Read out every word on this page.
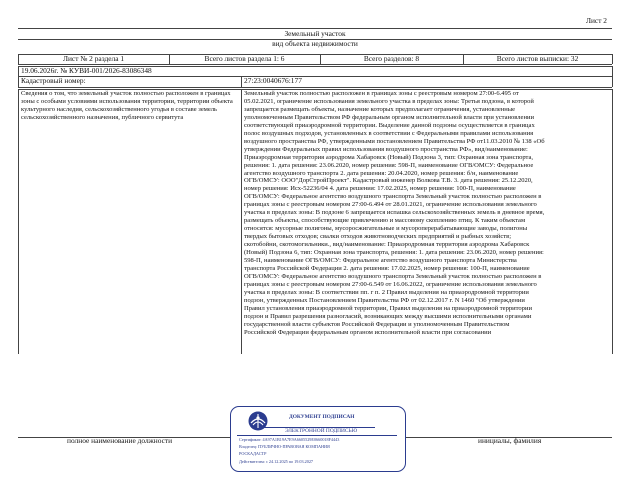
Лист 2
Земельный участок
вид объекта недвижимости
Лист № 2 раздела 1	Всего листов раздела 1: 6	Всего разделов: 8	Всего листов выписки: 32
19.06.2026г. № КУВИ-001/2026-83086348
Кадастровый номер:	27:23:0040676:177
Сведения о том, что земельный участок полностью расположен в границах зоны с особыми условиями использования территории, территории объекта культурного наследия, сельскохозяйственного угодья в составе земель сельскохозяйственного назначения, публичного сервитута
Земельный участок полностью расположен в границах зоны с реестровым номером 27:00-6.495 от
05.02.2021, ограничение использования земельного участка в пределах зоны: Третья подзона, в которой
запрещается размещать объекты, назначение которых предполагает ограничения, установленные
уполномоченным Правительством РФ федеральным органом исполнительной власти при установлении
соответствующей приаэродромной территории. Выделение данной подзоны осуществляется в границах
полос воздушных подходов, установленных в соответствии с Федеральными правилами использования
воздушного пространства РФ, утвержденными постановлением Правительства РФ от11.03.2010 № 138 «Об
утверждении Федеральных правил использования воздушного пространства РФ», вид/наименование:
Приаэродромная территория аэродрома Хабаровск (Новый) Подзона 3, тип: Охранная зона транспорта,
решения: 1. дата решения: 23.06.2020, номер решения: 598-П, наименование ОГВ/ОМСУ: Федеральное
агентство воздушного транспорта 2. дата решения: 20.04.2020, номер решения: б/н, наименование
ОГВ/ОМСУ: ООО"ДорСтройПроект". Кадастровый инженер Волкова Т.В. 3. дата решения: 25.12.2020,
номер решения: Исх-52236/04 4. дата решения: 17.02.2025, номер решения: 100-П, наименование
ОГВ/ОМСУ: Федеральное агентство воздушного транспорта Земельный участок полностью расположен в
границах зоны с реестровым номером 27:00-6.494 от 28.01.2021, ограничение использования земельного
участка в пределах зоны: В подзоне 6 запрещается испашка сельскохозяйственных земель в дневное время,
размещать объекты, способствующие привлечению и массовому скоплению птиц. К таким объектам
относятся: мусорные полигоны, мусоросжигательные и мусороперерабатывающие заводы, полигоны
твердых бытовых отходов; свалки отходов животноводческих предприятий и рыбных хозяйств;
скотобойни, скотомогильники., вид/наименование: Приаэродромная территория аэродрома Хабаровск
(Новый) Подзона 6, тип: Охранная зона транспорта, решения: 1. дата решения: 23.06.2020, номер решения:
598-П, наименование ОГВ/ОМСУ: Федеральное агентство воздушного транспорта Министерства
транспорта Российской Федерации 2. дата решения: 17.02.2025, номер решения: 100-П, наименование
ОГВ/ОМСУ: Федеральное агентство воздушного транспорта Земельный участок полностью расположен в
границах зоны с реестровым номером 27:00-6.549 от 16.06.2022, ограничение использования земельного
участка в пределах зоны: В соответствии пп. г п. 2 Правил выделения на приаэродромной территории
подзон, утвержденных Постановлением Правительства РФ от 02.12.2017 г. N 1460 "Об утверждении
Правил установления приаэродромной территории, Правил выделения на приаэродромной территории
подзон и Правил разрешения разногласий, возникающих между высшими исполнительными органами
государственной власти субъектов Российской Федерации и уполномоченным Правительством
Российской Федерации федеральным органом исполнительной власти при согласовании
полное наименование должности	инициалы, фамилия
ДОКУМЕНТ ПОДПИСАН
ЭЛЕКТРОННОЙ ПОДПИСЬЮ
Сертификат: 4A97A1B19A7E9A6605529E0660018F4443
Владелец: ПУБЛИЧНО-ПРАВОВАЯ КОМПАНИЯ
РОСКАДАСТР
Действителен: с 24.12.2025 по 19.03.2027
